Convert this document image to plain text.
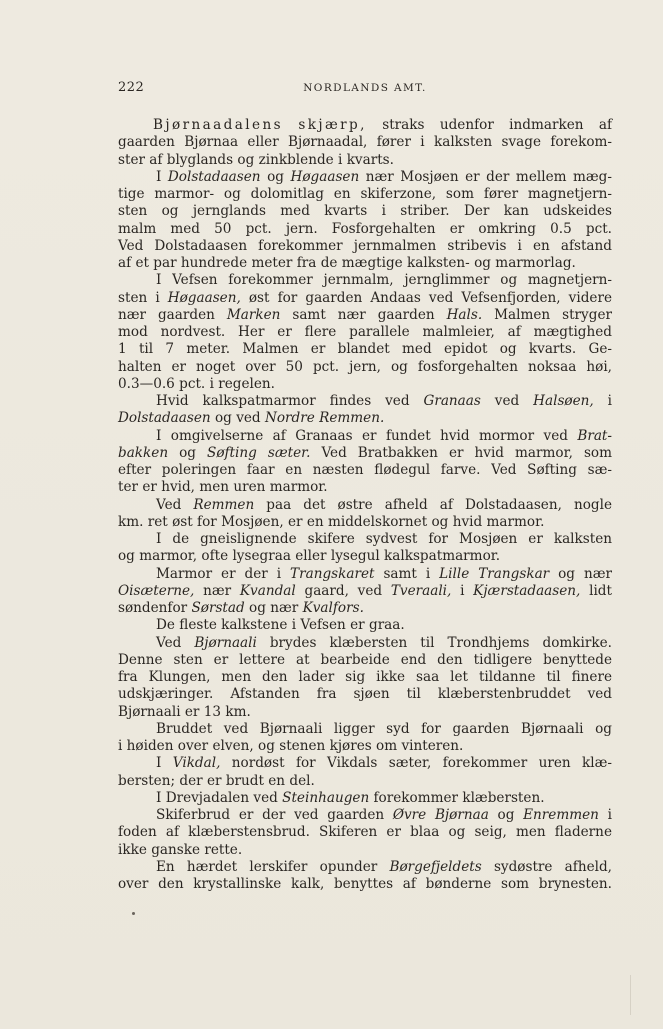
222	NORDLANDS AMT.
Bjørnaadalens skjærp, straks udenfor indmarken af
gaarden Bjørnaa eller Bjørnaadal, fører i kalksten svage forekom-
ster af blyglands og zinkblende i kvarts.
I Dolstadaasen og Høgaasen nær Mosjøen er der mellem mæg-
tige marmor- og dolomitlag en skiferzone, som fører magnetjern-
sten og jernglands med kvarts i striber. Der kan udskeides
malm med 50 pct. jern. Fosforgehalten er omkring 0.5 pct.
Ved Dolstadaasen forekommer jernmalmen stribevis i en afstand
af et par hundrede meter fra de mægtige kalksten- og marmorlag.
I Vefsen forekommer jernmalm, jernglimmer og magnetjern-
sten i Høgaasen, øst for gaarden Andaas ved Vefsenfjorden, videre
nær gaarden Marken samt nær gaarden Hals. Malmen stryger
mod nordvest. Her er flere parallele malmleier, af mægtighed
1 til 7 meter. Malmen er blandet med epidot og kvarts. Ge-
halten er noget over 50 pct. jern, og fosforgehalten noksaa høi,
0.3—0.6 pct. i regelen.
Hvid kalkspatmarmor findes ved Granaas ved Halsøen, i
Dolstadaasen og ved Nordre Remmen.
I omgivelserne af Granaas er fundet hvid mormor ved Brat-
bakken og Søfting sæter. Ved Bratbakken er hvid marmor, som
efter poleringen faar en næsten flødegul farve. Ved Søfting sæ-
ter er hvid, men uren marmor.
Ved Remmen paa det østre afheld af Dolstadaasen, nogle
km. ret øst for Mosjøen, er en middelskornet og hvid marmor.
I de gneislignende skifere sydvest for Mosjøen er kalksten
og marmor, ofte lysegraa eller lysegul kalkspatmarmor.
Marmor er der i Trangskaret samt i Lille Trangskar og nær
Oisæterne, nær Kvandal gaard, ved Tveraali, i Kjærstadaasen, lidt
søndenfor Sørstad og nær Kvalfors.
De fleste kalkstene i Vefsen er graa.
Ved Bjørnaali brydes klæbersten til Trondhjems domkirke.
Denne sten er lettere at bearbeide end den tidligere benyttede
fra Klungen, men den lader sig ikke saa let tildanne til finere
udskjæringer. Afstanden fra sjøen til klæberstenbruddet ved
Bjørnaali er 13 km.
Bruddet ved Bjørnaali ligger syd for gaarden Bjørnaali og
i høiden over elven, og stenen kjøres om vinteren.
I Vikdal, nordøst for Vikdals sæter, forekommer uren klæ-
bersten; der er brudt en del.
I Drevjadalen ved Steinhaugen forekommer klæbersten.
Skiferbrud er der ved gaarden Øvre Bjørnaa og Enremmen i
foden af klæberstensbrud. Skiferen er blaa og seig, men fladerne
ikke ganske rette.
En hærdet lerskifer opunder Børgefjeldets sydøstre afheld,
over den krystallinske kalk, benyttes af bønderne som brynesten.
